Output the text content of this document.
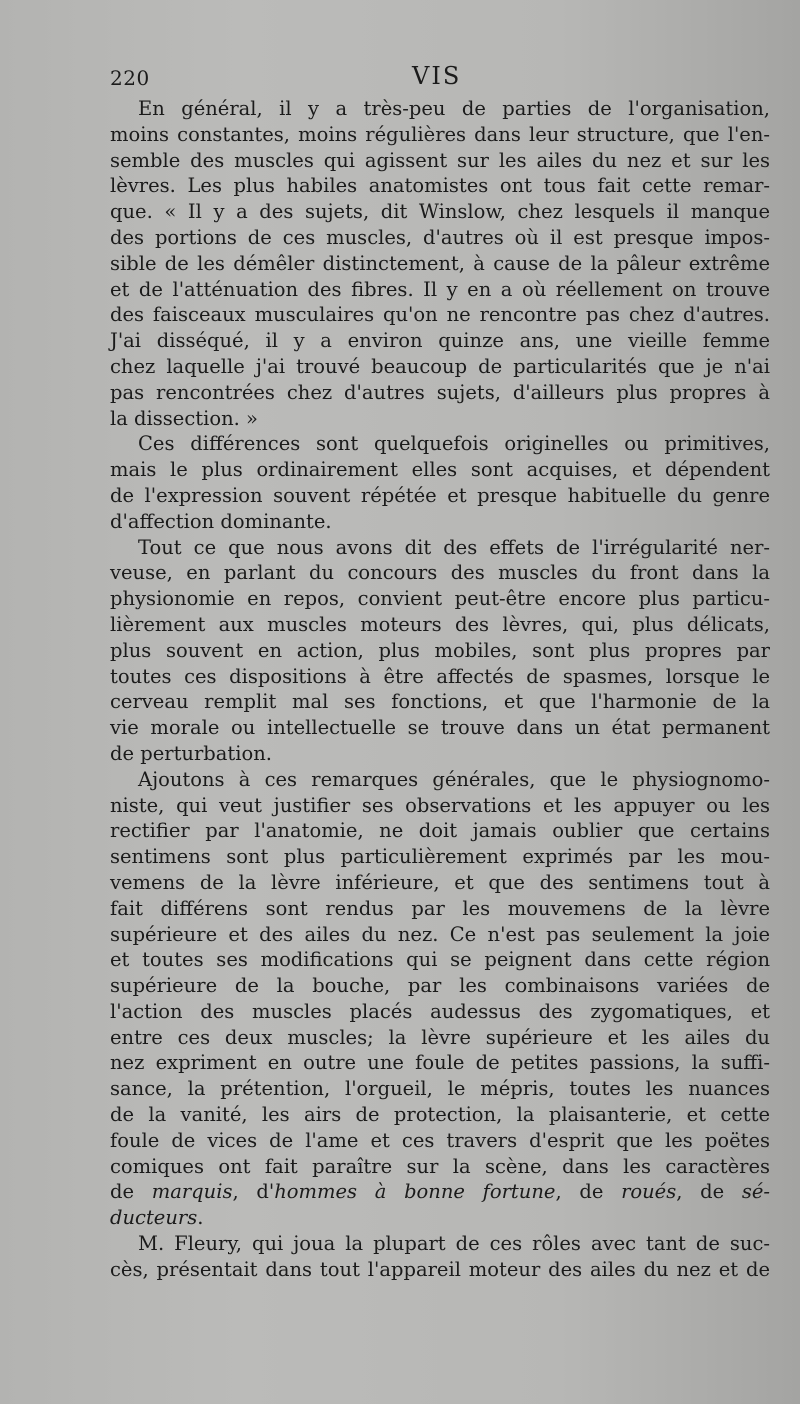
220	VIS
En général, il y a très-peu de parties de l'organisation,
moins constantes, moins régulières dans leur structure, que l'en-
semble des muscles qui agissent sur les ailes du nez et sur les
lèvres. Les plus habiles anatomistes ont tous fait cette remar-
que. « Il y a des sujets, dit Winslow, chez lesquels il manque
des portions de ces muscles, d'autres où il est presque impos-
sible de les démêler distinctement, à cause de la pâleur extrême
et de l'atténuation des fibres. Il y en a où réellement on trouve
des faisceaux musculaires qu'on ne rencontre pas chez d'autres.
J'ai disséqué, il y a environ quinze ans, une vieille femme
chez laquelle j'ai trouvé beaucoup de particularités que je n'ai
pas rencontrées chez d'autres sujets, d'ailleurs plus propres à
la dissection. »
Ces différences sont quelquefois originelles ou primitives,
mais le plus ordinairement elles sont acquises, et dépendent
de l'expression souvent répétée et presque habituelle du genre
d'affection dominante.
Tout ce que nous avons dit des effets de l'irrégularité ner-
veuse, en parlant du concours des muscles du front dans la
physionomie en repos, convient peut-être encore plus particu-
lièrement aux muscles moteurs des lèvres, qui, plus délicats,
plus souvent en action, plus mobiles, sont plus propres par
toutes ces dispositions à être affectés de spasmes, lorsque le
cerveau remplit mal ses fonctions, et que l'harmonie de la
vie morale ou intellectuelle se trouve dans un état permanent
de perturbation.
Ajoutons à ces remarques générales, que le physiognomo-
niste, qui veut justifier ses observations et les appuyer ou les
rectifier par l'anatomie, ne doit jamais oublier que certains
sentimens sont plus particulièrement exprimés par les mou-
vemens de la lèvre inférieure, et que des sentimens tout à
fait différens sont rendus par les mouvemens de la lèvre
supérieure et des ailes du nez. Ce n'est pas seulement la joie
et toutes ses modifications qui se peignent dans cette région
supérieure de la bouche, par les combinaisons variées de
l'action des muscles placés audessus des zygomatiques, et
entre ces deux muscles; la lèvre supérieure et les ailes du
nez expriment en outre une foule de petites passions, la suffi-
sance, la prétention, l'orgueil, le mépris, toutes les nuances
de la vanité, les airs de protection, la plaisanterie, et cette
foule de vices de l'ame et ces travers d'esprit que les poëtes
comiques ont fait paraître sur la scène, dans les caractères
de marquis, d'hommes à bonne fortune, de roués, de sé-
ducteurs.
M. Fleury, qui joua la plupart de ces rôles avec tant de suc-
cès, présentait dans tout l'appareil moteur des ailes du nez et de
